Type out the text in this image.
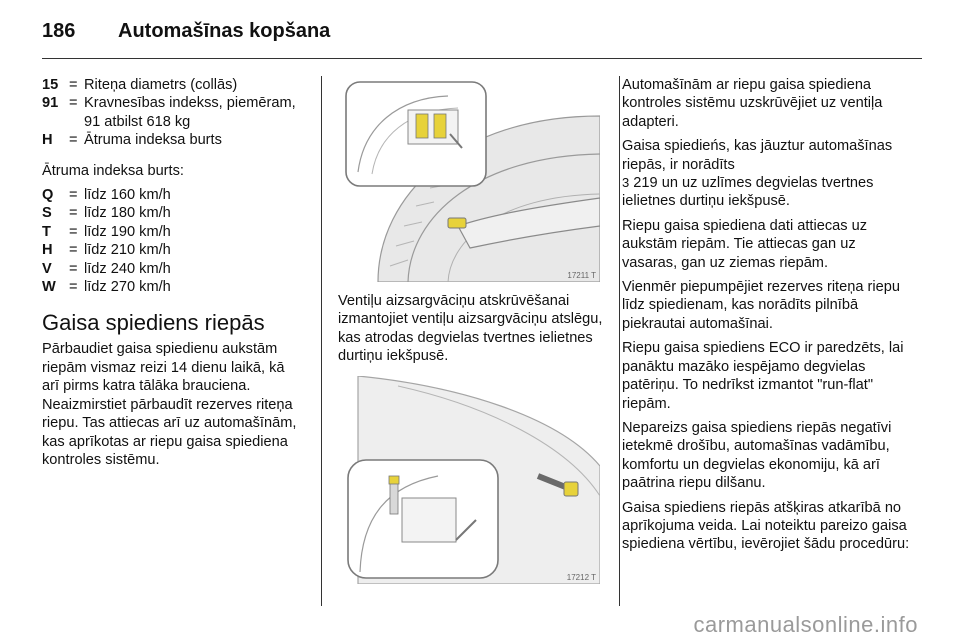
186 Automašīnas kopšana
15 = Riteņa diametrs (collās)
91 = Kravnesības indekss, piemēram, 91 atbilst 618 kg
H	= Ātruma indeksa burts
Ātruma indeksa burts:
Q	= līdz 160 km/h
S	= līdz 180 km/h
T	= līdz 190 km/h
H	= līdz 210 km/h
V	= līdz 240 km/h
W = līdz 270 km/h
Gaisa spiediens riepās
Pārbaudiet gaisa spiedienu aukstām riepām vismaz reizi 14 dienu laikā, kā arī pirms katra tālāka brauciena. Neaizmirstiet pārbaudīt rezerves riteņa riepu. Tas attiecas arī uz automašīnām, kas aprīkotas ar riepu gaisa spiediena kontroles sistēmu.
17211 T
Ventiļu aizsargvāciņu atskrūvēšanai izmantojiet ventiļu aizsargvāciņu atslēgu, kas atrodas degvielas tvertnes ielietnes durtiņu iekšpusē.
17212 T
Automašīnām ar riepu gaisa spiediena kontroles sistēmu uzskrūvējiet uz ventiļa adapteri.
Gaisa spiedieńs, kas jāuztur automašīnas riepās, ir norādīts
3 219 un uz uzlīmes degvielas tvertnes ielietnes durtiņu iekšpusē.
Riepu gaisa spiediena dati attiecas uz aukstām riepām. Tie attiecas gan uz vasaras, gan uz ziemas riepām.
Vienmēr piepumpējiet rezerves riteņa riepu līdz spiedienam, kas norādīts pilnībā piekrautai automašīnai.
Riepu gaisa spiediens ECO ir paredzēts, lai panāktu mazāko iespējamo degvielas patēriņu. To nedrīkst izmantot "run-flat" riepām.
Nepareizs gaisa spiediens riepās negatīvi ietekmē drošību, automašīnas vadāmību, komfortu un degvielas ekonomiju, kā arī paātrina riepu dilšanu.
Gaisa spiediens riepās atšķiras atkarībā no aprīkojuma veida. Lai noteiktu pareizo gaisa spiediena vērtību, ievērojiet šādu procedūru:
carmanualsonline.info
